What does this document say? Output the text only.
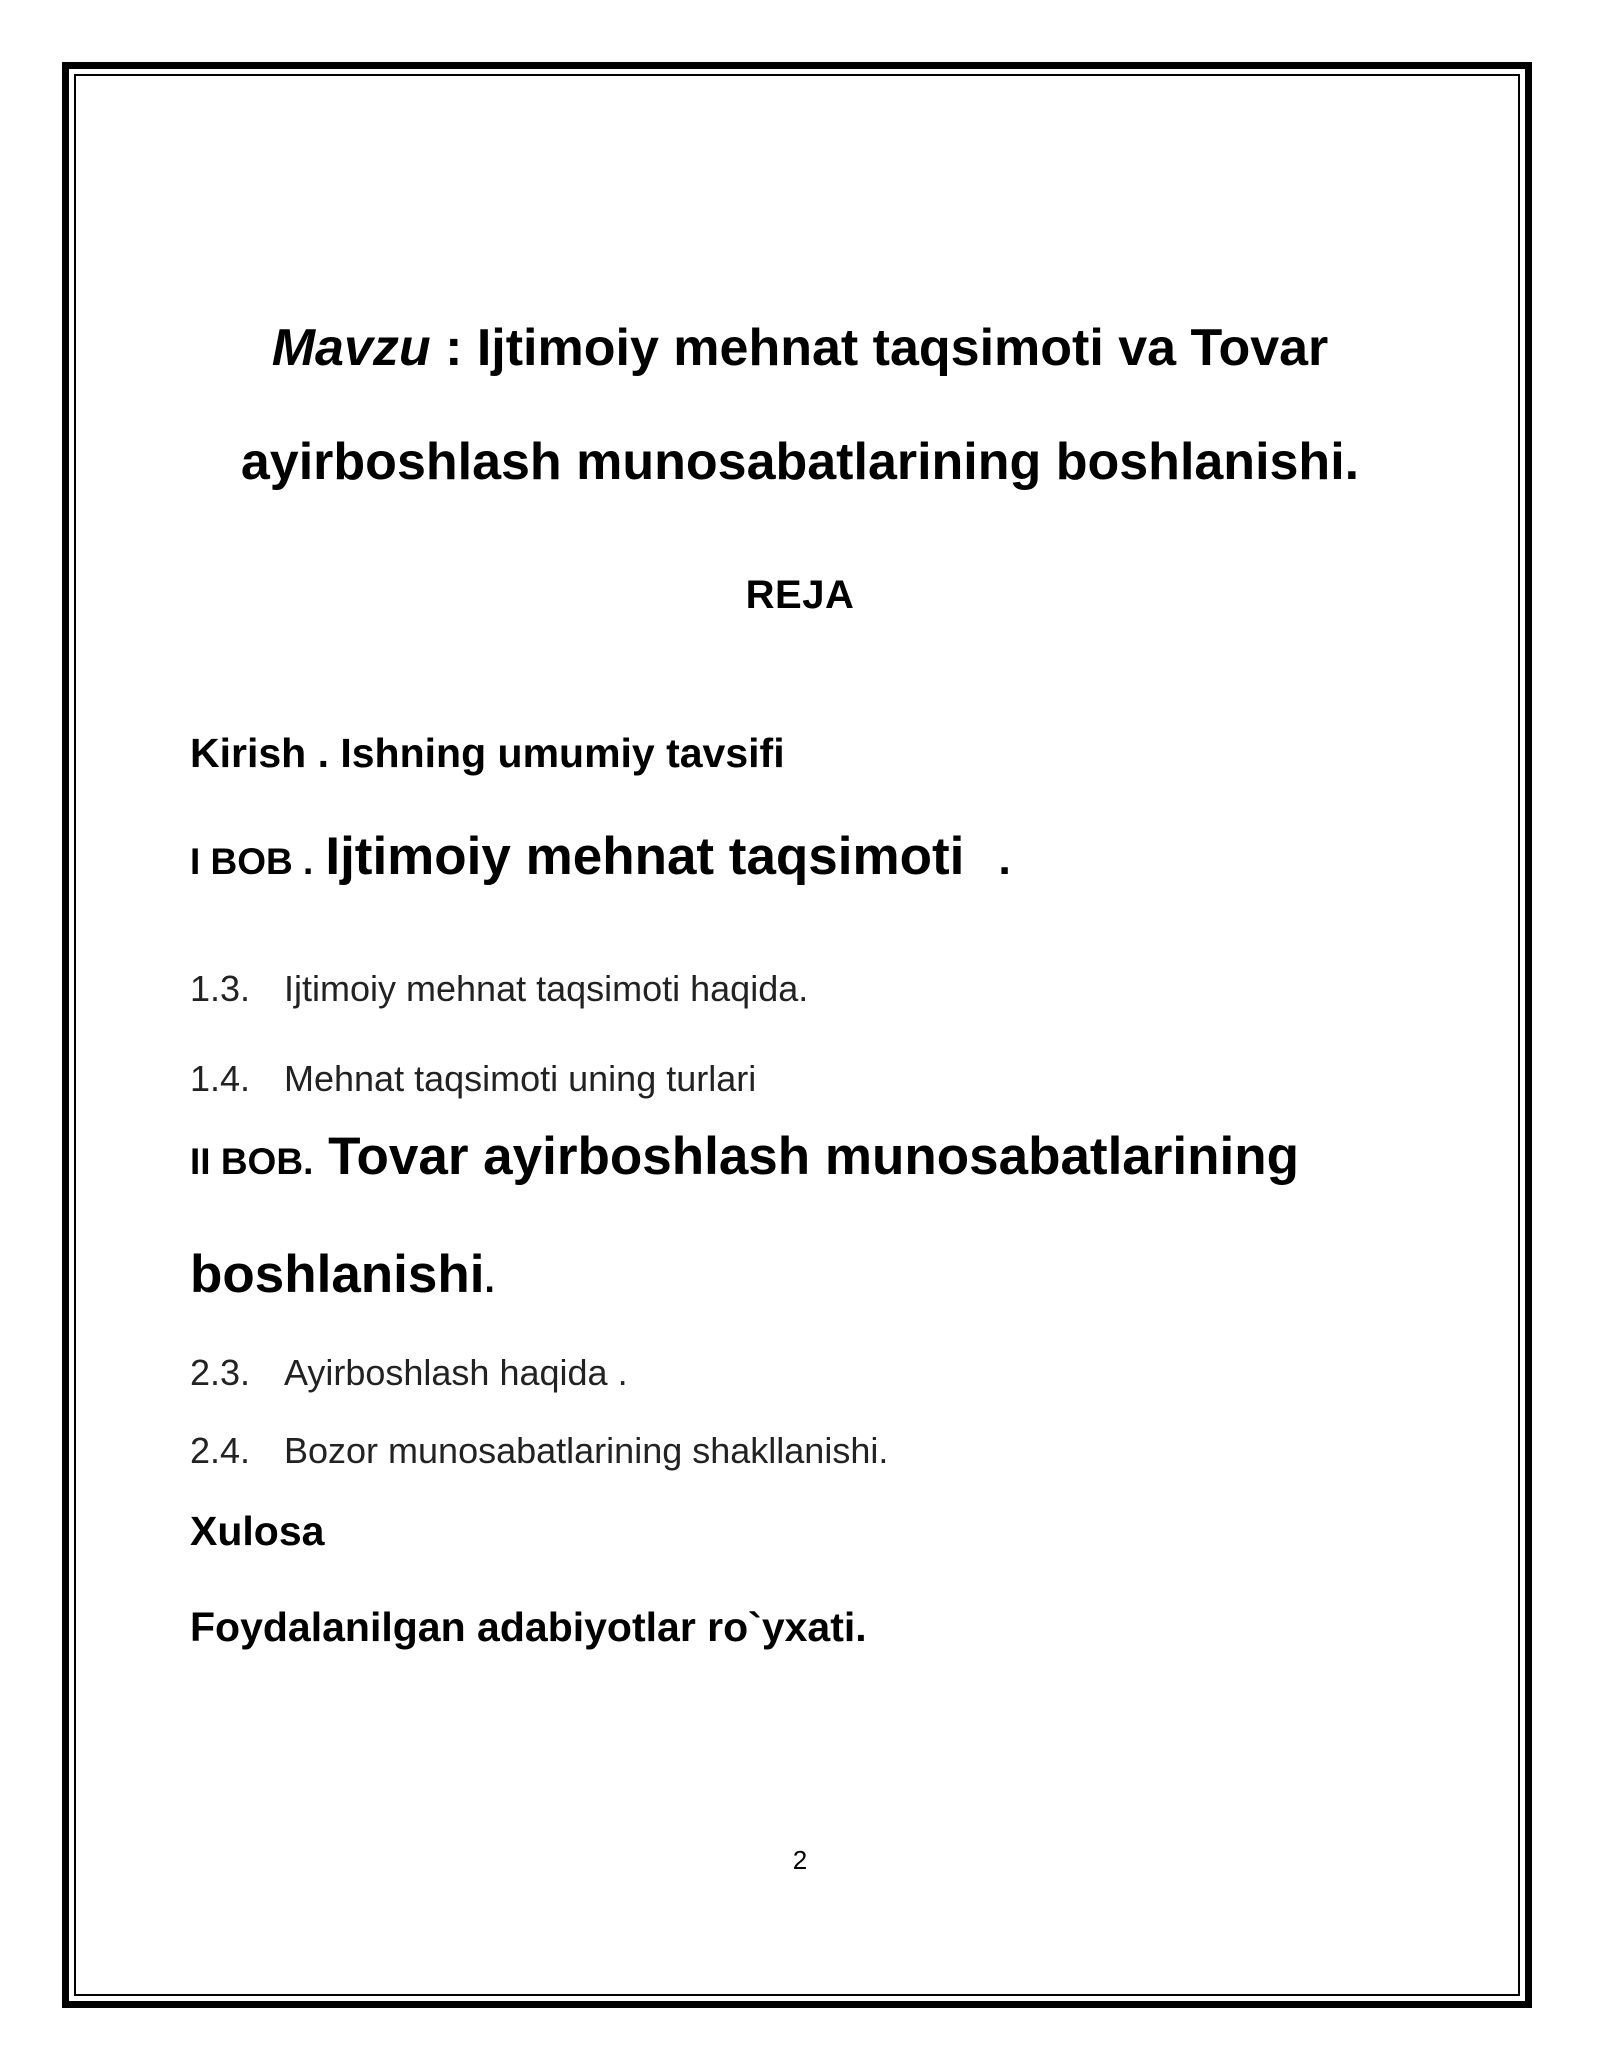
Mavzu : Ijtimoiy mehnat taqsimoti va Tovar
ayirboshlash munosabatlarining boshlanishi.
REJA
Kirish . Ishning umumiy tavsifi
I BOB . Ijtimoiy mehnat taqsimoti .
1.3. Ijtimoiy mehnat taqsimoti haqida.
1.4. Mehnat taqsimoti uning turlari
II BOB. Tovar ayirboshlash munosabatlarining
boshlanishi.
2.3. Ayirboshlash haqida .
2.4. Bozor munosabatlarining shakllanishi.
Xulosa
Foydalanilgan adabiyotlar ro`yxati.
2
